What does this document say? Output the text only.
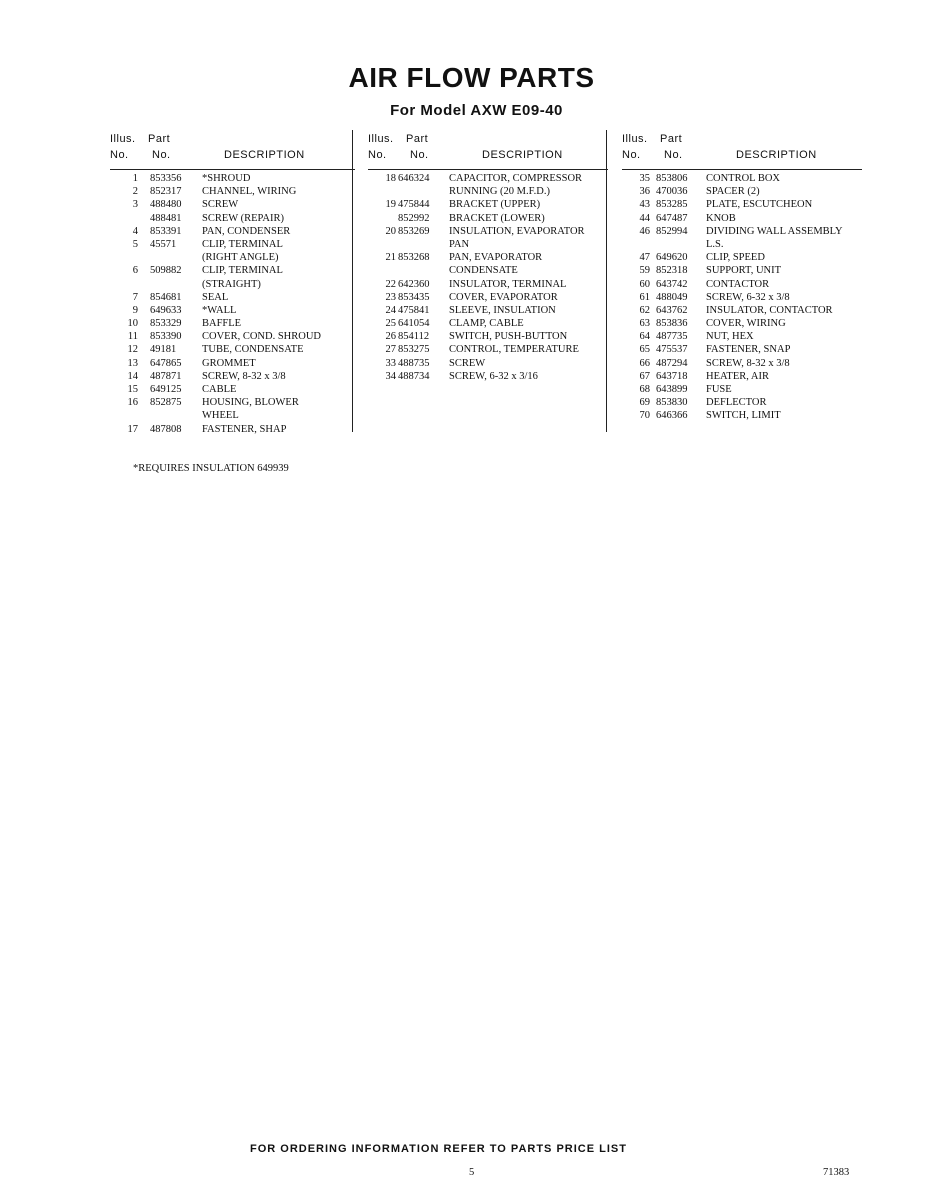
AIR FLOW PARTS
For Model AXW E09-40
Illus. Part
No. No.	DESCRIPTION
1 853356 *SHROUD
2 852317 CHANNEL, WIRING
3 488480 SCREW
488481 SCREW (REPAIR)
4 853391 PAN, CONDENSER
5 45571 CLIP, TERMINAL
(RIGHT ANGLE)
6 509882 CLIP, TERMINAL
(STRAIGHT)
7 854681 SEAL
9 649633 *WALL
10 853329 BAFFLE
11 853390 COVER, COND. SHROUD
12 49181 TUBE, CONDENSATE
13 647865 GROMMET
14 487871 SCREW, 8-32 x 3/8
15 649125 CABLE
16 852875 HOUSING, BLOWER
WHEEL
17 487808 FASTENER, SHAP
Illus. Part
No. No.	DESCRIPTION
18 646324 CAPACITOR, COMPRESSOR
RUNNING (20 M.F.D.)
19 475844 BRACKET (UPPER)
852992 BRACKET (LOWER)
20 853269 INSULATION, EVAPORATOR
PAN
21 853268 PAN, EVAPORATOR
CONDENSATE
22 642360 INSULATOR, TERMINAL
23 853435 COVER, EVAPORATOR
24 475841 SLEEVE, INSULATION
25 641054 CLAMP, CABLE
26 854112 SWITCH, PUSH-BUTTON
27 853275 CONTROL, TEMPERATURE
33 488735 SCREW
34 488734 SCREW, 6-32 x 3/16
Illus. Part
No. No.	DESCRIPTION
35 853806 CONTROL BOX
36 470036 SPACER (2)
43 853285 PLATE, ESCUTCHEON
44 647487 KNOB
46 852994 DIVIDING WALL ASSEMBLY
L.S.
47 649620 CLIP, SPEED
59 852318 SUPPORT, UNIT
60 643742 CONTACTOR
61 488049 SCREW, 6-32 x 3/8
62 643762 INSULATOR, CONTACTOR
63 853836 COVER, WIRING
64 487735 NUT, HEX
65 475537 FASTENER, SNAP
66 487294 SCREW, 8-32 x 3/8
67 643718 HEATER, AIR
68 643899 FUSE
69 853830 DEFLECTOR
70 646366 SWITCH, LIMIT
*REQUIRES INSULATION 649939
FOR ORDERING INFORMATION REFER TO PARTS PRICE LIST
5	71383
